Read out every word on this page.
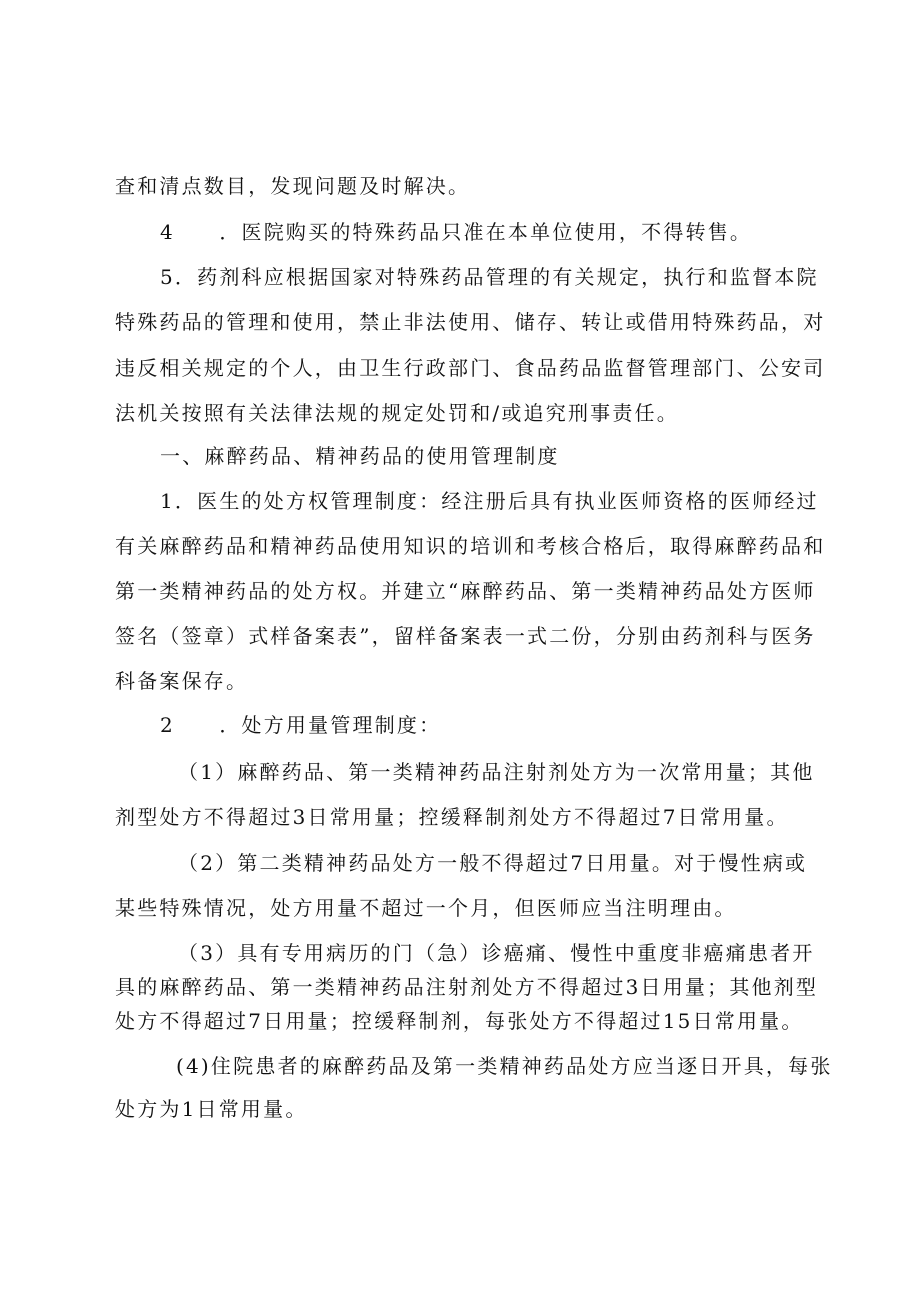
查和清点数目，发现问题及时解决。
4　　．医院购买的特殊药品只准在本单位使用，不得转售。
5．药剂科应根据国家对特殊药品管理的有关规定，执行和监督本院
特殊药品的管理和使用，禁止非法使用、储存、转让或借用特殊药品，对
违反相关规定的个人，由卫生行政部门、食品药品监督管理部门、公安司
法机关按照有关法律法规的规定处罚和/或追究刑事责任。
一、麻醉药品、精神药品的使用管理制度
1．医生的处方权管理制度：经注册后具有执业医师资格的医师经过
有关麻醉药品和精神药品使用知识的培训和考核合格后，取得麻醉药品和
第一类精神药品的处方权。并建立“麻醉药品、第一类精神药品处方医师
签名（签章）式样备案表”，留样备案表一式二份，分别由药剂科与医务
科备案保存。
2　　．处方用量管理制度：
（1）麻醉药品、第一类精神药品注射剂处方为一次常用量；其他
剂型处方不得超过3日常用量；控缓释制剂处方不得超过7日常用量。
（2）第二类精神药品处方一般不得超过7日用量。对于慢性病或
某些特殊情况，处方用量不超过一个月，但医师应当注明理由。
（3）具有专用病历的门（急）诊癌痛、慢性中重度非癌痛患者开
具的麻醉药品、第一类精神药品注射剂处方不得超过3日用量；其他剂型
处方不得超过7日用量；控缓释制剂，每张处方不得超过15日常用量。
(4)住院患者的麻醉药品及第一类精神药品处方应当逐日开具，每张
处方为1日常用量。
